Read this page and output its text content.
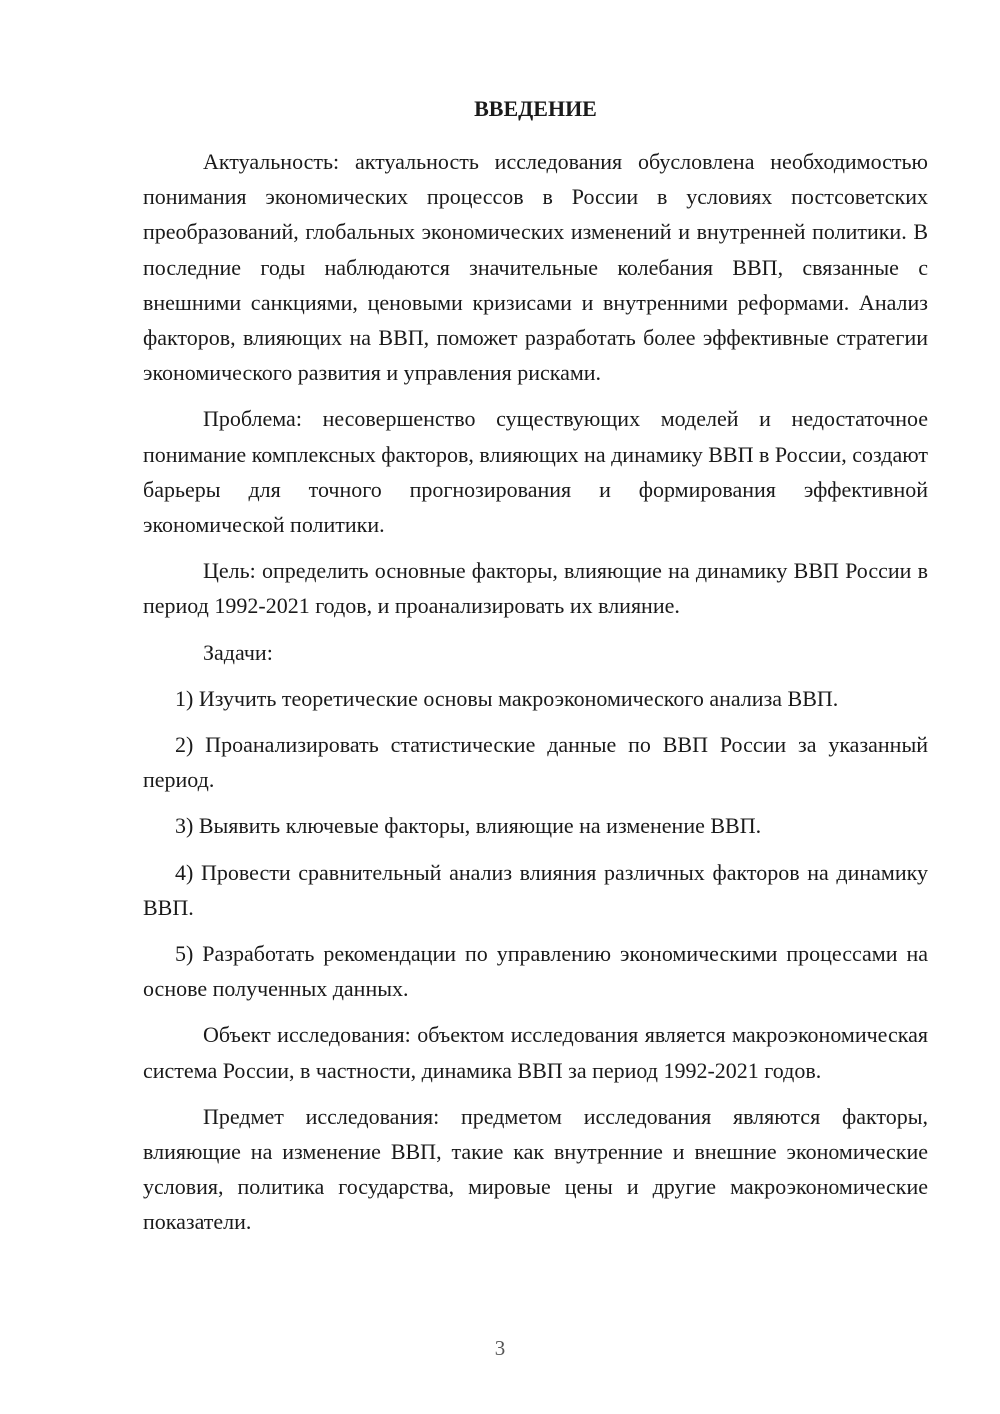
ВВЕДЕНИЕ

Актуальность: актуальность исследования обусловлена необходимостью понимания экономических процессов в России в условиях постсоветских преобразований, глобальных экономических изменений и внутренней политики. В последние годы наблюдаются значительные колебания ВВП, связанные с внешними санкциями, ценовыми кризисами и внутренними реформами. Анализ факторов, влияющих на ВВП, поможет разработать более эффективные стратегии экономического развития и управления рисками.

Проблема: несовершенство существующих моделей и недостаточное понимание комплексных факторов, влияющих на динамику ВВП в России, создают барьеры для точного прогнозирования и формирования эффективной экономической политики.

Цель: определить основные факторы, влияющие на динамику ВВП России в период 1992-2021 годов, и проанализировать их влияние.

Задачи:

1) Изучить теоретические основы макроэкономического анализа ВВП.

2) Проанализировать статистические данные по ВВП России за указанный период.

3) Выявить ключевые факторы, влияющие на изменение ВВП.

4) Провести сравнительный анализ влияния различных факторов на динамику ВВП.

5) Разработать рекомендации по управлению экономическими процессами на основе полученных данных.

Объект исследования: объектом исследования является макроэкономическая система России, в частности, динамика ВВП за период 1992-2021 годов.

Предмет исследования: предметом исследования являются факторы, влияющие на изменение ВВП, такие как внутренние и внешние экономические условия, политика государства, мировые цены и другие макроэкономические показатели.

3
